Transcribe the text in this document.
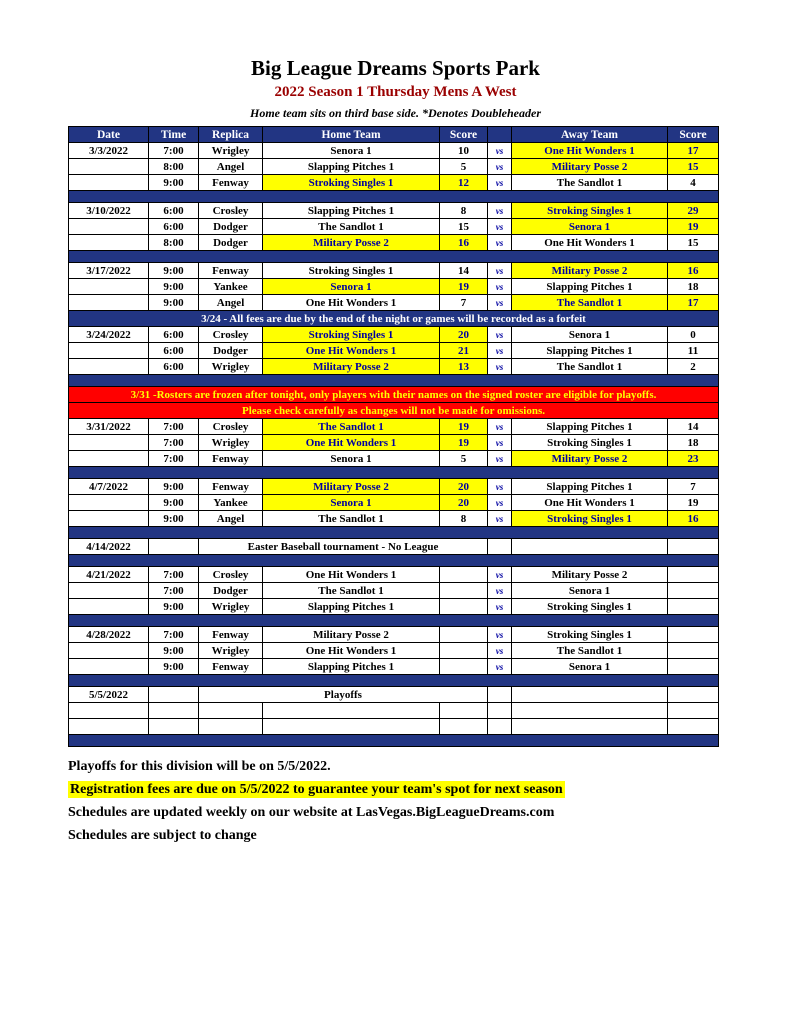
Big League Dreams Sports Park
2022 Season 1 Thursday Mens A West
Home team sits on third base side. *Denotes Doubleheader
Date	Time	Replica	Home Team	Score		Away Team	Score
3/3/2022	7:00	Wrigley	Senora 1	10	vs	One Hit Wonders 1	17
	8:00	Angel	Slapping Pitches 1	5	vs	Military Posse 2	15
	9:00	Fenway	Stroking Singles 1	12	vs	The Sandlot 1	4

3/10/2022	6:00	Crosley	Slapping Pitches 1	8	vs	Stroking Singles 1	29
	6:00	Dodger	The Sandlot 1	15	vs	Senora 1	19
	8:00	Dodger	Military Posse 2	16	vs	One Hit Wonders 1	15

3/17/2022	9:00	Fenway	Stroking Singles 1	14	vs	Military Posse 2	16
	9:00	Yankee	Senora 1	19	vs	Slapping Pitches 1	18
	9:00	Angel	One Hit Wonders 1	7	vs	The Sandlot 1	17
3/24 - All fees are due by the end of the night or games will be recorded as a forfeit							
3/24/2022	6:00	Crosley	Stroking Singles 1	20	vs	Senora 1	0
	6:00	Dodger	One Hit Wonders 1	21	vs	Slapping Pitches 1	11
	6:00	Wrigley	Military Posse 2	13	vs	The Sandlot 1	2

3/31 -Rosters are frozen after tonight, only players with their names on the signed roster are eligible for playoffs.							
Please check carefully as changes will not be made for omissions.							
3/31/2022	7:00	Crosley	The Sandlot 1	19	vs	Slapping Pitches 1	14
	7:00	Wrigley	One Hit Wonders 1	19	vs	Stroking Singles 1	18
	7:00	Fenway	Senora 1	5	vs	Military Posse 2	23

4/7/2022	9:00	Fenway	Military Posse 2	20	vs	Slapping Pitches 1	7
	9:00	Yankee	Senora 1	20	vs	One Hit Wonders 1	19
	9:00	Angel	The Sandlot 1	8	vs	Stroking Singles 1	16

4/14/2022		Easter Baseball tournament - No League					

4/21/2022	7:00	Crosley	One Hit Wonders 1		vs	Military Posse 2	
	7:00	Dodger	The Sandlot 1		vs	Senora 1	
	9:00	Wrigley	Slapping Pitches 1		vs	Stroking Singles 1	

4/28/2022	7:00	Fenway	Military Posse 2		vs	Stroking Singles 1	
	9:00	Wrigley	One Hit Wonders 1		vs	The Sandlot 1	
	9:00	Fenway	Slapping Pitches 1		vs	Senora 1	

5/5/2022		Playoffs					

Playoffs for this division will be on 5/5/2022.
Registration fees are due on 5/5/2022 to guarantee your team's spot for next season
Schedules are updated weekly on our website at LasVegas.BigLeagueDreams.com
Schedules are subject to change
